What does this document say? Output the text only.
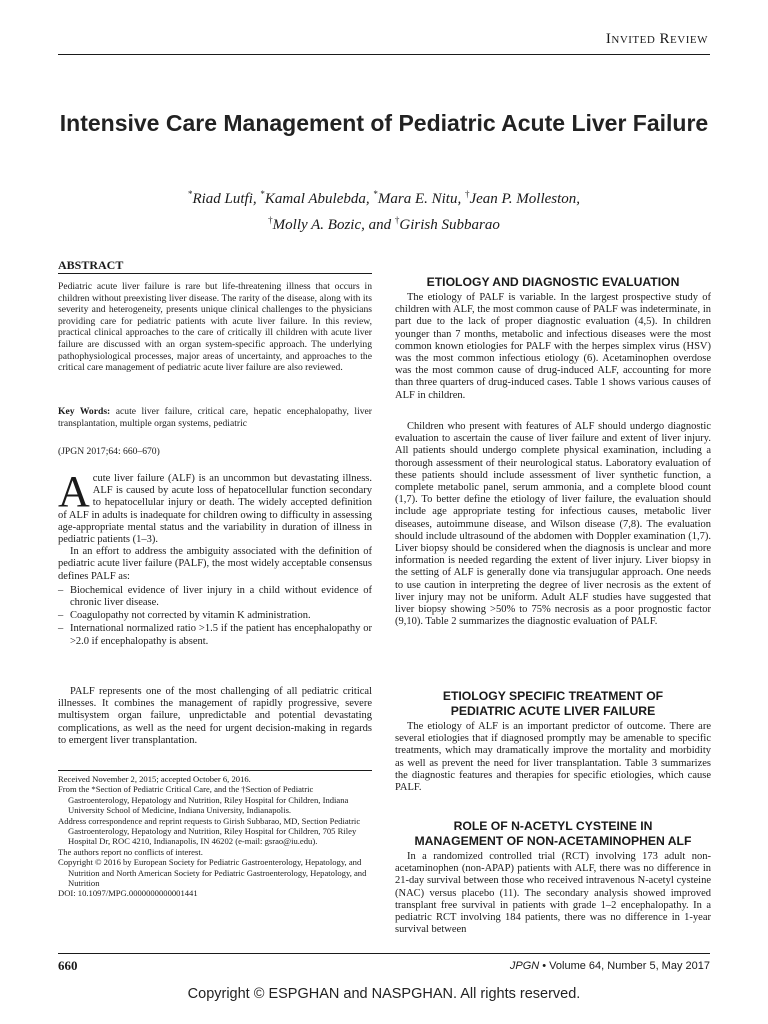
Invited Review
Intensive Care Management of Pediatric Acute Liver Failure
*Riad Lutfi, *Kamal Abulebda, *Mara E. Nitu, †Jean P. Molleston,
†Molly A. Bozic, and †Girish Subbarao
ABSTRACT

Pediatric acute liver failure is rare but life-threatening illness that occurs in children without preexisting liver disease. The rarity of the disease, along with its severity and heterogeneity, presents unique clinical challenges to the physicians providing care for pediatric patients with acute liver failure. In this review, practical clinical approaches to the care of critically ill children with acute liver failure are discussed with an organ system-specific approach. The underlying pathophysiological processes, major areas of uncertainty, and approaches to the critical care management of pediatric acute liver failure are also reviewed.

Key Words: acute liver failure, critical care, hepatic encephalopathy, liver transplantation, multiple organ systems, pediatric

(JPGN 2017;64: 660–670)

Acute liver failure (ALF) is an uncommon but devastating illness. ALF is caused by acute loss of hepatocellular function secondary to hepatocellular injury or death. The widely accepted definition of ALF in adults is inadequate for children owing to difficulty in assessing age-appropriate mental status and the variability in duration of illness in pediatric patients (1–3).

In an effort to address the ambiguity associated with the definition of pediatric acute liver failure (PALF), the most widely acceptable consensus defines PALF as:

– Biochemical evidence of liver injury in a child without evidence of chronic liver disease.
– Coagulopathy not corrected by vitamin K administration.
– International normalized ratio >1.5 if the patient has encephalopathy or >2.0 if encephalopathy is absent.

PALF represents one of the most challenging of all pediatric critical illnesses. It combines the management of rapidly progressive, severe multisystem organ failure, unpredictable and potential devastating complications, as well as the need for urgent decision-making in regards to emergent liver transplantation.

Received November 2, 2015; accepted October 6, 2016.

From the *Section of Pediatric Critical Care, and the †Section of Pediatric Gastroenterology, Hepatology and Nutrition, Riley Hospital for Children, Indiana University School of Medicine, Indiana University, Indianapolis.

Address correspondence and reprint requests to Girish Subbarao, MD, Section Pediatric Gastroenterology, Hepatology and Nutrition, Riley Hospital for Children, 705 Riley Hospital Dr, ROC 4210, Indianapolis, IN 46202 (e-mail: gsrao@iu.edu).

The authors report no conflicts of interest.

Copyright © 2016 by European Society for Pediatric Gastroenterology, Hepatology, and Nutrition and North American Society for Pediatric Gastroenterology, Hepatology, and Nutrition

DOI: 10.1097/MPG.0000000000001441

ETIOLOGY AND DIAGNOSTIC EVALUATION

The etiology of PALF is variable. In the largest prospective study of children with ALF, the most common cause of PALF was indeterminate, in part due to the lack of proper diagnostic evaluation (4,5). In children younger than 7 months, metabolic and infectious diseases were the most common known etiologies for PALF with the herpes simplex virus (HSV) was the most common infectious etiology (6). Acetaminophen overdose was the most common cause of drug-induced ALF, accounting for more than three quarters of drug-induced cases. Table 1 shows various causes of ALF in children.

Children who present with features of ALF should undergo diagnostic evaluation to ascertain the cause of liver failure and extent of liver injury. All patients should undergo complete physical examination, including a thorough assessment of their neurological status. Laboratory evaluation of these patients should include assessment of liver synthetic function, a complete metabolic panel, serum ammonia, and a complete blood count (1,7). To better define the etiology of liver failure, the evaluation should include age appropriate testing for infectious causes, metabolic liver diseases, autoimmune disease, and Wilson disease (7,8). The evaluation should include ultrasound of the abdomen with Doppler examination (1,7). Liver biopsy should be considered when the diagnosis is unclear and more information is needed regarding the extent of liver injury. Liver biopsy in the setting of ALF is generally done via transjugular approach. One needs to use caution in interpreting the degree of liver necrosis as the extent of liver injury may not be uniform. Adult ALF studies have suggested that liver biopsy showing >50% to 75% necrosis as a poor prognostic factor (9,10). Table 2 summarizes the diagnostic evaluation of PALF.

ETIOLOGY SPECIFIC TREATMENT OF
PEDIATRIC ACUTE LIVER FAILURE

The etiology of ALF is an important predictor of outcome. There are several etiologies that if diagnosed promptly may be amenable to specific treatments, which may dramatically improve the mortality and morbidity as well as prevent the need for liver transplantation. Table 3 summarizes the diagnostic features and therapies for specific etiologies, which cause PALF.

ROLE OF N-ACETYL CYSTEINE IN
MANAGEMENT OF NON-ACETAMINOPHEN ALF

In a randomized controlled trial (RCT) involving 173 adult non-acetaminophen (non-APAP) patients with ALF, there was no difference in 21-day survival between those who received intravenous N-acetyl cysteine (NAC) versus placebo (11). The secondary analysis showed improved transplant free survival in patients with grade 1–2 encephalopathy. In a pediatric RCT involving 184 patients, there was no difference in 1-year survival between

660	JPGN • Volume 64, Number 5, May 2017
Copyright © ESPGHAN and NASPGHAN. All rights reserved.
